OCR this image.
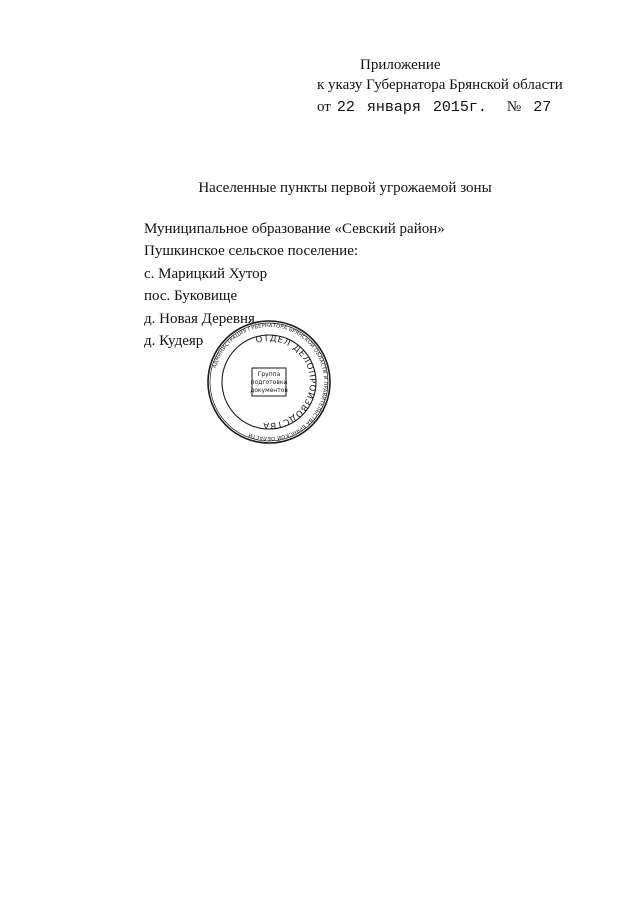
Приложение
к указу Губернатора Брянской области
от 22 января 2015г. № 27
Населенные пункты первой угрожаемой зоны
Муниципальное образование «Севский район»
Пушкинское сельское поселение:
с. Марицкий Хутор
пос. Буковище
д. Новая Деревня
д. Кудеяр
АДМИНИСТРАЦИЯ ГУБЕРНАТОРА БРЯНСКОЙ ОБЛАСТИ И ПРАВИТЕЛЬСТВА БРЯНСКОЙ ОБЛАСТИ
ОТДЕЛ ДЕЛОПРОИЗВОДСТВА
Группа
подготовки
документов
